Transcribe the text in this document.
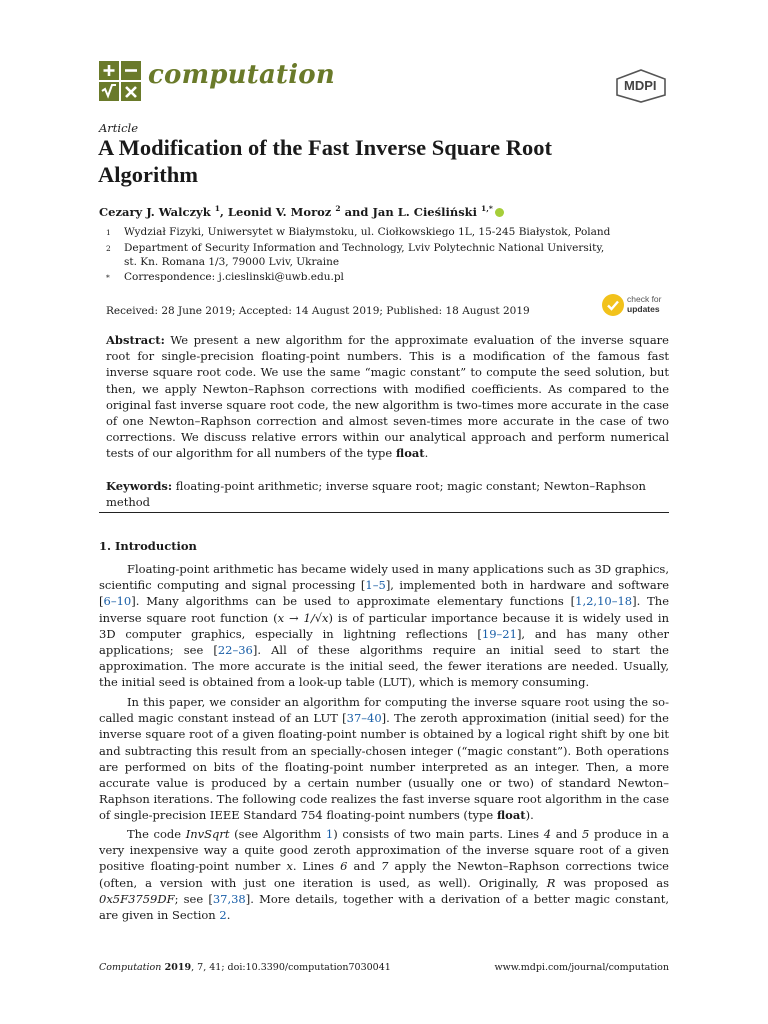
computation	MDPI
Article
A Modification of the Fast Inverse Square Root Algorithm
Cezary J. Walczyk $^1$, Leonid V. Moroz $^2$ and Jan L. Cieśliński $^{1,*}$
1 Wydział Fizyki, Uniwersytet w Białymstoku, ul. Ciołkowskiego 1L, 15-245 Białystok, Poland
2 Department of Security Information and Technology, Lviv Polytechnic National University,
st. Kn. Romana 1/3, 79000 Lviv, Ukraine
* Correspondence: j.cieslinski@uwb.edu.pl
Received: 28 June 2019; Accepted: 14 August 2019; Published: 18 August 2019
check for
updates

Abstract: We present a new algorithm for the approximate evaluation of the inverse square root for single-precision floating-point numbers. This is a modification of the famous fast inverse square root code. We use the same “magic constant” to compute the seed solution, but then, we apply Newton–Raphson corrections with modified coefficients. As compared to the original fast inverse square root code, the new algorithm is two-times more accurate in the case of one Newton–Raphson correction and almost seven-times more accurate in the case of two corrections. We discuss relative errors within our analytical approach and perform numerical tests of our algorithm for all numbers of the type float.

Keywords: floating-point arithmetic; inverse square root; magic constant; Newton–Raphson method

1. Introduction

Floating-point arithmetic has became widely used in many applications such as 3D graphics, scientific computing and signal processing [1–5], implemented both in hardware and software [6–10]. Many algorithms can be used to approximate elementary functions [1,2,10–18]. The inverse square root function (x → 1/√x) is of particular importance because it is widely used in 3D computer graphics, especially in lightning reflections [19–21], and has many other applications; see [22–36]. All of these algorithms require an initial seed to start the approximation. The more accurate is the initial seed, the fewer iterations are needed. Usually, the initial seed is obtained from a look-up table (LUT), which is memory consuming.

In this paper, we consider an algorithm for computing the inverse square root using the so-called magic constant instead of an LUT [37–40]. The zeroth approximation (initial seed) for the inverse square root of a given floating-point number is obtained by a logical right shift by one bit and subtracting this result from an specially-chosen integer (“magic constant”). Both operations are performed on bits of the floating-point number interpreted as an integer. Then, a more accurate value is produced by a certain number (usually one or two) of standard Newton–Raphson iterations. The following code realizes the fast inverse square root algorithm in the case of single-precision IEEE Standard 754 floating-point numbers (type float).

The code InvSqrt (see Algorithm 1) consists of two main parts. Lines 4 and 5 produce in a very inexpensive way a quite good zeroth approximation of the inverse square root of a given positive floating-point number x. Lines 6 and 7 apply the Newton–Raphson corrections twice (often, a version with just one iteration is used, as well). Originally, R was proposed as 0x5F3759DF; see [37,38]. More details, together with a derivation of a better magic constant, are given in Section 2.

Computation 2019, 7, 41; doi:10.3390/computation7030041	www.mdpi.com/journal/computation
